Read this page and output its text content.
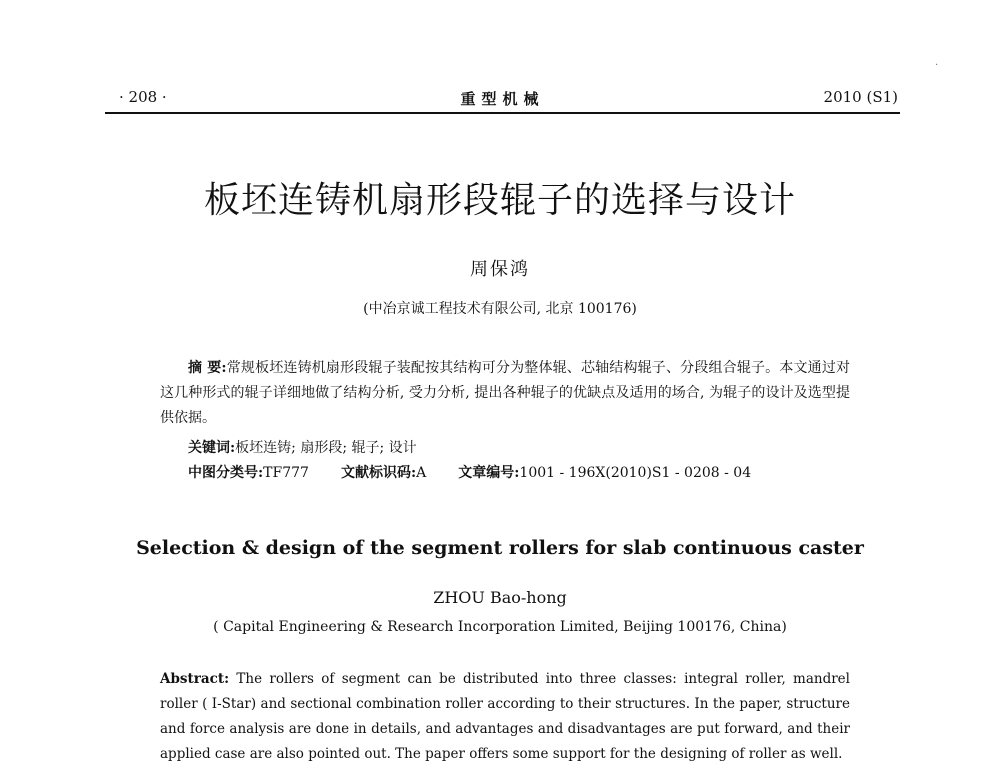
·
· 208 ·	重型机械	2010 (S1)
板坯连铸机扇形段辊子的选择与设计
周保鸿
(中冶京诚工程技术有限公司, 北京 100176)
摘 要:常规板坯连铸机扇形段辊子装配按其结构可分为整体辊、芯轴结构辊子、分段组合辊子。本文通过对这几种形式的辊子详细地做了结构分析, 受力分析, 提出各种辊子的优缺点及适用的场合, 为辊子的设计及选型提供依据。
关键词:板坯连铸; 扇形段; 辊子; 设计
中图分类号:TF777 文献标识码:A 文章编号:1001 - 196X(2010)S1 - 0208 - 04
Selection & design of the segment rollers for slab continuous caster
ZHOU Bao-hong
( Capital Engineering & Research Incorporation Limited, Beijing 100176, China)
Abstract: The rollers of segment can be distributed into three classes: integral roller, mandrel roller ( I-Star) and sectional combination roller according to their structures. In the paper, structure and force analysis are done in details, and advantages and disadvantages are put forward, and their applied case are also pointed out. The paper offers some support for the designing of roller as well.
